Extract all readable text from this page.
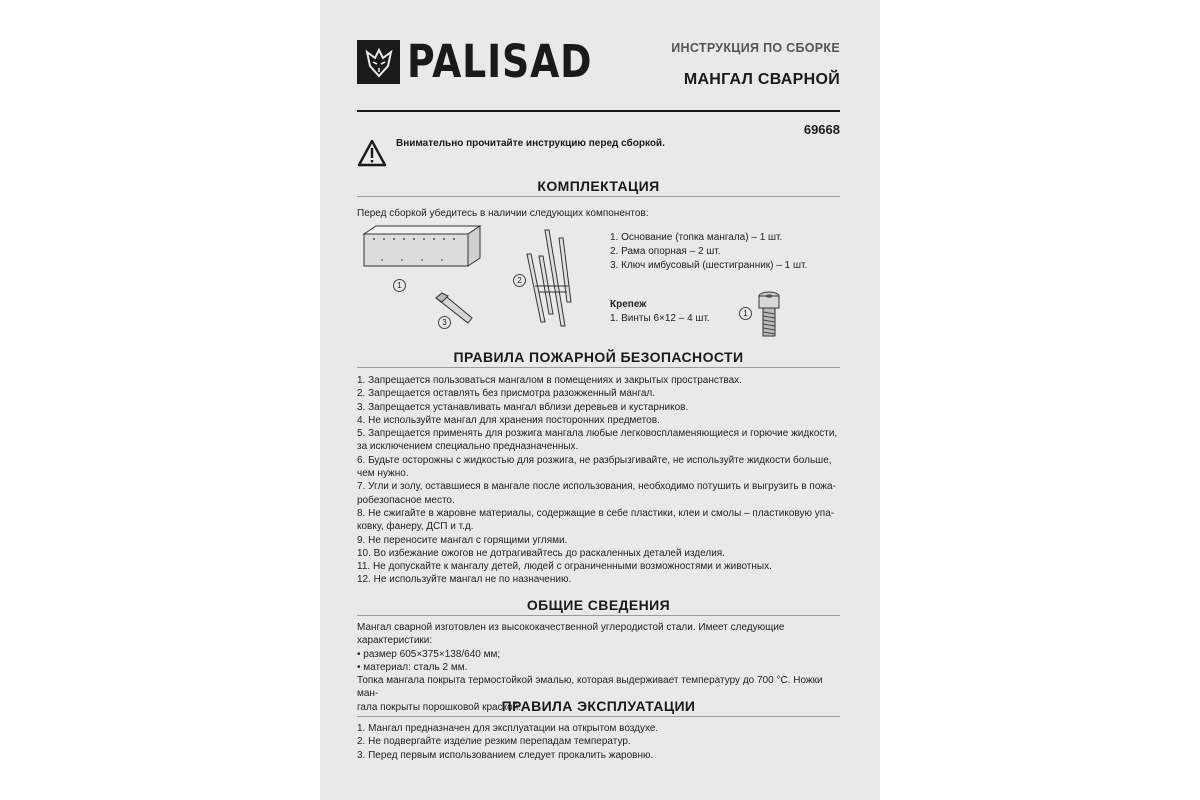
PALISAD	ИНСТРУКЦИЯ ПО СБОРКЕ
МАНГАЛ СВАРНОЙ
69668
Внимательно прочитайте инструкцию перед сборкой.
КОМПЛЕКТАЦИЯ
Перед сборкой убедитесь в наличии следующих компонентов:
1
3
2
1. Основание (топка мангала) – 1 шт.
2. Рама опорная – 2 шт.
3. Ключ имбусовый (шестигранник) – 1 шт.
Крепеж
1. Винты 6×12 – 4 шт.	1
ПРАВИЛА ПОЖАРНОЙ БЕЗОПАСНОСТИ
1. Запрещается пользоваться мангалом в помещениях и закрытых пространствах.
2. Запрещается оставлять без присмотра разожженный мангал.
3. Запрещается устанавливать мангал вблизи деревьев и кустарников.
4. Не используйте мангал для хранения посторонних предметов.
5. Запрещается применять для розжига мангала любые легковоспламеняющиеся и горючие жидкости,
за исключением специально предназначенных.
6. Будьте осторожны с жидкостью для розжига, не разбрызгивайте, не используйте жидкости больше,
чем нужно.
7. Угли и золу, оставшиеся в мангале после использования, необходимо потушить и выгрузить в пожа-
робезопасное место.
8. Не сжигайте в жаровне материалы, содержащие в себе пластики, клеи и смолы – пластиковую упа-
ковку, фанеру, ДСП и т.д.
9. Не переносите мангал с горящими углями.
10. Во избежание ожогов не дотрагивайтесь до раскаленных деталей изделия.
11. Не допускайте к мангалу детей, людей с ограниченными возможностями и животных.
12. Не используйте мангал не по назначению.
ОБЩИЕ СВЕДЕНИЯ
Мангал сварной изготовлен из высококачественной углеродистой стали. Имеет следующие характеристики:
• размер 605×375×138/640 мм;
• материал: сталь 2 мм.
Топка мангала покрыта термостойкой эмалью, которая выдерживает температуру до 700 °С. Ножки ман-
гала покрыты порошковой краской.
ПРАВИЛА ЭКСПЛУАТАЦИИ
1. Мангал предназначен для эксплуатации на открытом воздухе.
2. Не подвергайте изделие резким перепадам температур.
3. Перед первым использованием следует прокалить жаровню.
